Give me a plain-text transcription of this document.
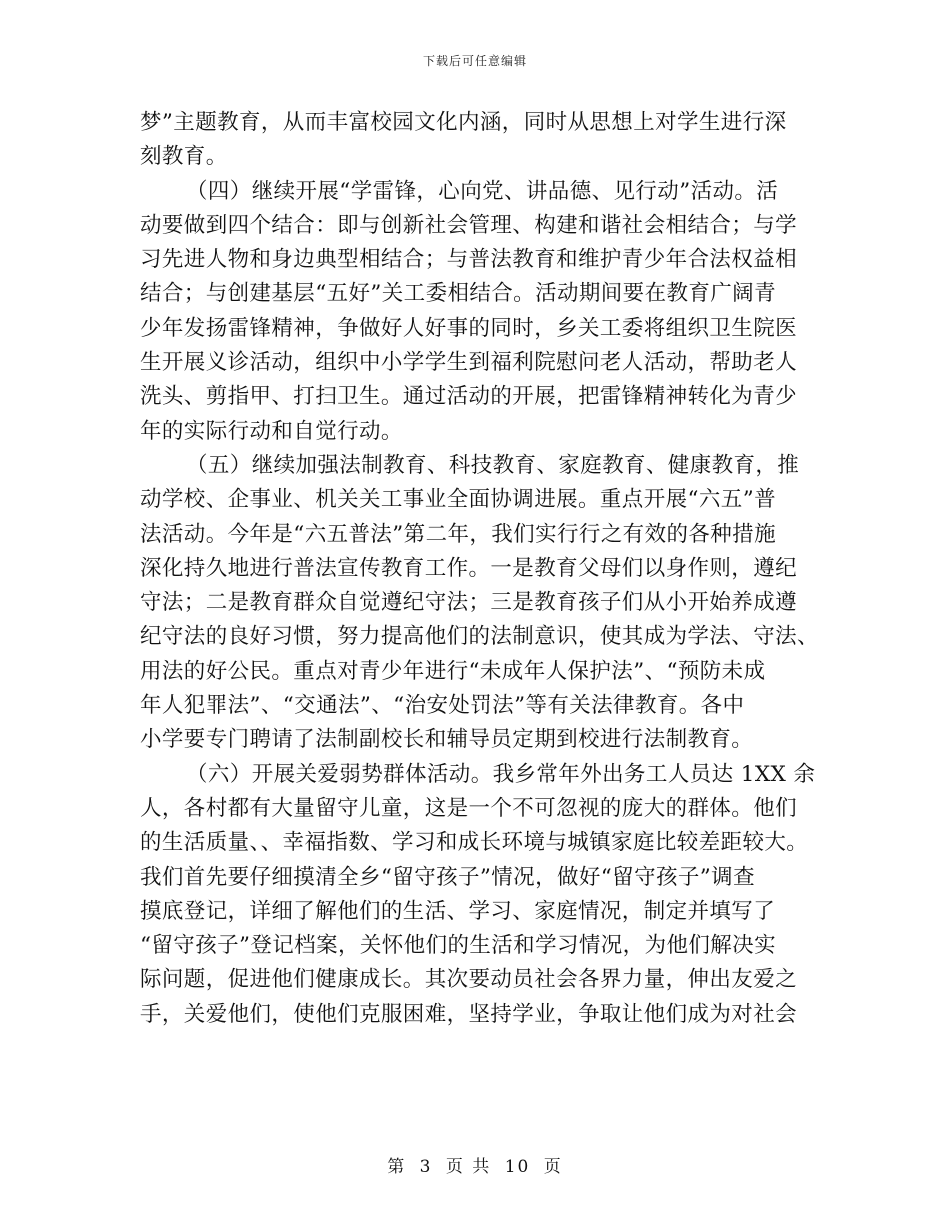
下载后可任意编辑
梦”主题教育，从而丰富校园文化内涵，同时从思想上对学生进行深
刻教育。
（四）继续开展“学雷锋，心向党、讲品德、见行动”活动。活
动要做到四个结合：即与创新社会管理、构建和谐社会相结合；与学
习先进人物和身边典型相结合；与普法教育和维护青少年合法权益相
结合；与创建基层“五好”关工委相结合。活动期间要在教育广阔青
少年发扬雷锋精神，争做好人好事的同时，乡关工委将组织卫生院医
生开展义诊活动，组织中小学学生到福利院慰问老人活动，帮助老人
洗头、剪指甲、打扫卫生。通过活动的开展，把雷锋精神转化为青少
年的实际行动和自觉行动。
（五）继续加强法制教育、科技教育、家庭教育、健康教育，推
动学校、企事业、机关关工事业全面协调进展。重点开展“六五”普
法活动。今年是“六五普法”第二年，我们实行行之有效的各种措施
深化持久地进行普法宣传教育工作。一是教育父母们以身作则，遵纪
守法；二是教育群众自觉遵纪守法；三是教育孩子们从小开始养成遵
纪守法的良好习惯，努力提高他们的法制意识，使其成为学法、守法、
用法的好公民。重点对青少年进行“未成年人保护法”、“预防未成
年人犯罪法”、“交通法”、“治安处罚法”等有关法律教育。各中
小学要专门聘请了法制副校长和辅导员定期到校进行法制教育。
（六）开展关爱弱势群体活动。我乡常年外出务工人员达 1XX 余
人，各村都有大量留守儿童，这是一个不可忽视的庞大的群体。他们
的生活质量、、幸福指数、学习和成长环境与城镇家庭比较差距较大。
我们首先要仔细摸清全乡“留守孩子”情况，做好“留守孩子”调查
摸底登记，详细了解他们的生活、学习、家庭情况，制定并填写了
“留守孩子”登记档案，关怀他们的生活和学习情况，为他们解决实
际问题，促进他们健康成长。其次要动员社会各界力量，伸出友爱之
手，关爱他们，使他们克服困难，坚持学业，争取让他们成为对社会
第 3 页 共 10 页
